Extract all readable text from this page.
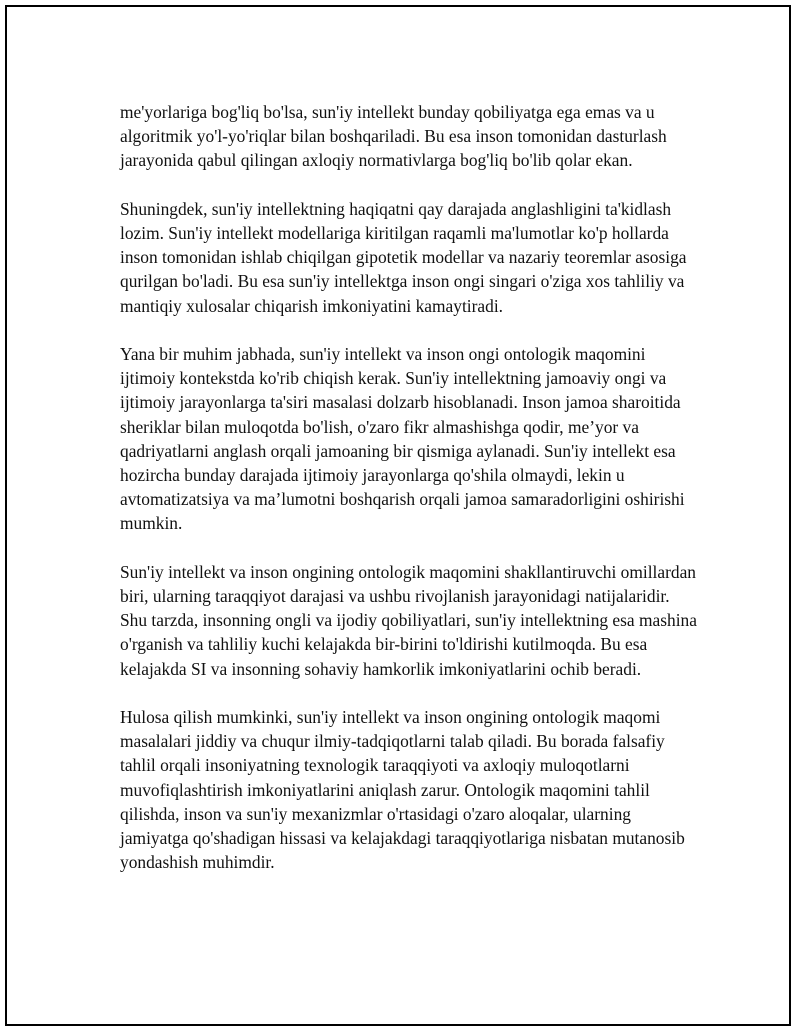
me'yorlariga bog'liq bo'lsa, sun'iy intellekt bunday qobiliyatga ega emas va u algoritmik yo'l-yo'riqlar bilan boshqariladi. Bu esa inson tomonidan dasturlash jarayonida qabul qilingan axloqiy normativlarga bog'liq bo'lib qolar ekan.

Shuningdek, sun'iy intellektning haqiqatni qay darajada anglashligini ta'kidlash lozim. Sun'iy intellekt modellariga kiritilgan raqamli ma'lumotlar ko'p hollarda inson tomonidan ishlab chiqilgan gipotetik modellar va nazariy teoremlar asosiga qurilgan bo'ladi. Bu esa sun'iy intellektga inson ongi singari o'ziga xos tahliliy va mantiqiy xulosalar chiqarish imkoniyatini kamaytiradi.

Yana bir muhim jabhada, sun'iy intellekt va inson ongi ontologik maqomini ijtimoiy kontekstda ko'rib chiqish kerak. Sun'iy intellektning jamoaviy ongi va ijtimoiy jarayonlarga ta'siri masalasi dolzarb hisoblanadi. Inson jamoa sharoitida sheriklar bilan muloqotda bo'lish, o'zaro fikr almashishga qodir, me’yor va qadriyatlarni anglash orqali jamoaning bir qismiga aylanadi. Sun'iy intellekt esa hozircha bunday darajada ijtimoiy jarayonlarga qo'shila olmaydi, lekin u avtomatizatsiya va ma’lumotni boshqarish orqali jamoa samaradorligini oshirishi mumkin.

Sun'iy intellekt va inson ongining ontologik maqomini shakllantiruvchi omillardan biri, ularning taraqqiyot darajasi va ushbu rivojlanish jarayonidagi natijalaridir. Shu tarzda, insonning ongli va ijodiy qobiliyatlari, sun'iy intellektning esa mashina o'rganish va tahliliy kuchi kelajakda bir-birini to'ldirishi kutilmoqda. Bu esa kelajakda SI va insonning sohaviy hamkorlik imkoniyatlarini ochib beradi.

Hulosa qilish mumkinki, sun'iy intellekt va inson ongining ontologik maqomi masalalari jiddiy va chuqur ilmiy-tadqiqotlarni talab qiladi. Bu borada falsafiy tahlil orqali insoniyatning texnologik taraqqiyoti va axloqiy muloqotlarni muvofiqlashtirish imkoniyatlarini aniqlash zarur. Ontologik maqomini tahlil qilishda, inson va sun'iy mexanizmlar o'rtasidagi o'zaro aloqalar, ularning jamiyatga qo'shadigan hissasi va kelajakdagi taraqqiyotlariga nisbatan mutanosib yondashish muhimdir.
